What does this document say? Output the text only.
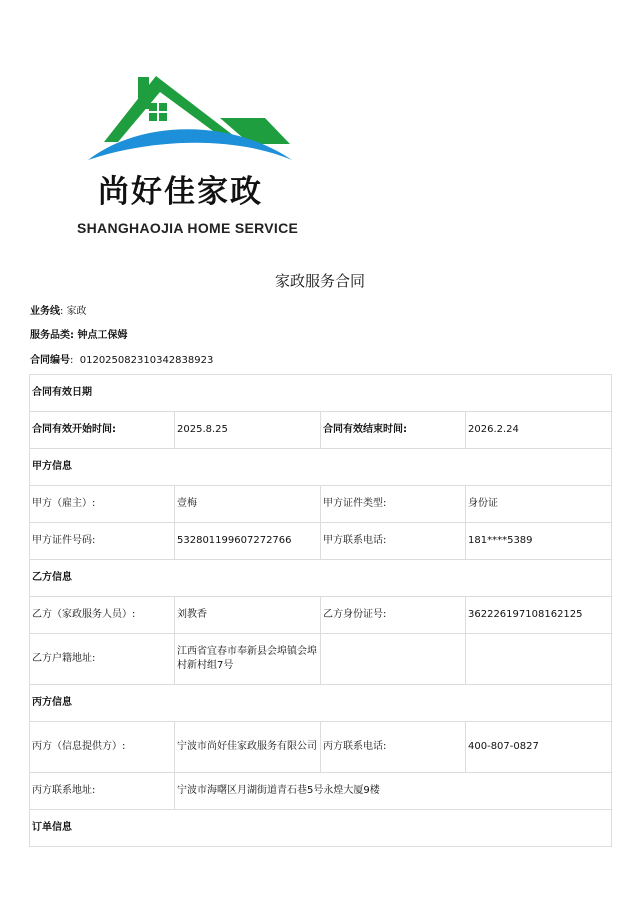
尚好佳家政
SHANGHAOJIA HOME SERVICE
家政服务合同
业务线: 家政
服务品类: 钟点工保姆
合同编号:  012025082310342838923
合同有效日期			
合同有效开始时间:	2025.8.25	合同有效结束时间:	2026.2.24
甲方信息			
甲方（雇主）:	壹梅	甲方证件类型:	身份证
甲方证件号码:	532801199607272766	甲方联系电话:	181****5389
乙方信息			
乙方（家政服务人员）:	刘教香	乙方身份证号:	362226197108162125
乙方户籍地址:	江西省宜春市奉新县会埠镇会埠村新村组7号		
丙方信息			
丙方（信息提供方）:	宁波市尚好佳家政服务有限公司	丙方联系电话:	400-807-0827
丙方联系地址:	宁波市海曙区月湖街道青石巷5号永煌大厦9楼		
订单信息			
